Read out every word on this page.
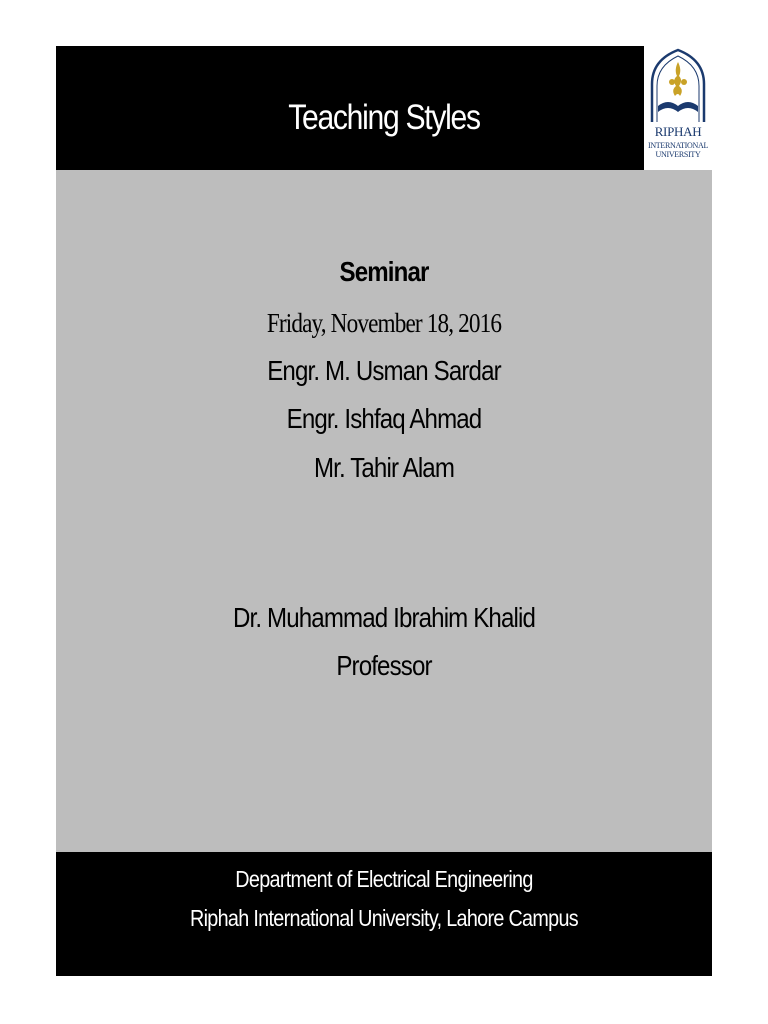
Teaching Styles	RIPHAH
INTERNATIONAL
UNIVERSITY
Seminar
Friday, November 18, 2016
Engr. M. Usman Sardar
Engr. Ishfaq Ahmad
Mr. Tahir Alam
Dr. Muhammad Ibrahim Khalid
Professor
Department of Electrical Engineering
Riphah International University, Lahore Campus
